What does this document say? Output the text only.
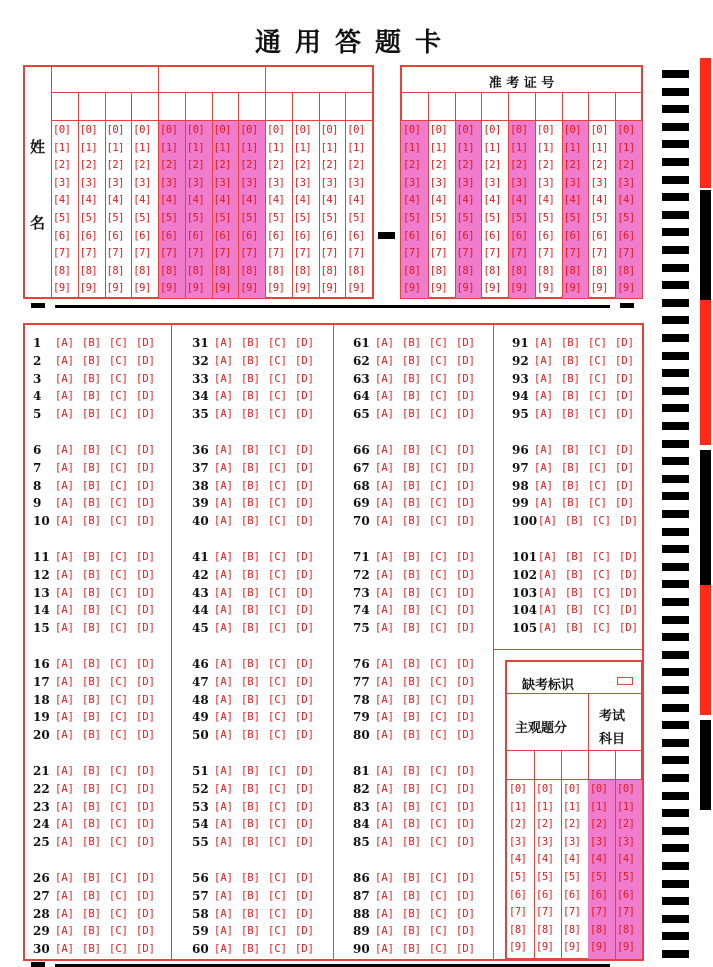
通用答题卡
[0]
[1]
[2]
[3]
[4]
[5]
[6]
[7]
[8]
[9]
[0]
[1]
[2]
[3]
[4]
[5]
[6]
[7]
[8]
[9]
[0]
[1]
[2]
[3]
[4]
[5]
[6]
[7]
[8]
[9]
[0]
[1]
[2]
[3]
[4]
[5]
[6]
[7]
[8]
[9]
[0]
[1]
[2]
[3]
[4]
[5]
[6]
[7]
[8]
[9]
[0]
[1]
[2]
[3]
[4]
[5]
[6]
[7]
[8]
[9]
[0]
[1]
[2]
[3]
[4]
[5]
[6]
[7]
[8]
[9]
[0]
[1]
[2]
[3]
[4]
[5]
[6]
[7]
[8]
[9]
[0]
[1]
[2]
[3]
[4]
[5]
[6]
[7]
[8]
[9]
[0]
[1]
[2]
[3]
[4]
[5]
[6]
[7]
[8]
[9]
[0]
[1]
[2]
[3]
[4]
[5]
[6]
[7]
[8]
[9]
[0]
[1]
[2]
[3]
[4]
[5]
[6]
[7]
[8]
[9]
姓
名
准 考 证 号
[0]
[1]
[2]
[3]
[4]
[5]
[6]
[7]
[8]
[9]
[0]
[1]
[2]
[3]
[4]
[5]
[6]
[7]
[8]
[9]
[0]
[1]
[2]
[3]
[4]
[5]
[6]
[7]
[8]
[9]
[0]
[1]
[2]
[3]
[4]
[5]
[6]
[7]
[8]
[9]
[0]
[1]
[2]
[3]
[4]
[5]
[6]
[7]
[8]
[9]
[0]
[1]
[2]
[3]
[4]
[5]
[6]
[7]
[8]
[9]
[0]
[1]
[2]
[3]
[4]
[5]
[6]
[7]
[8]
[9]
[0]
[1]
[2]
[3]
[4]
[5]
[6]
[7]
[8]
[9]
[0]
[1]
[2]
[3]
[4]
[5]
[6]
[7]
[8]
[9]
1 [A] [B] [C] [D]
2 [A] [B] [C] [D]
3 [A] [B] [C] [D]
4 [A] [B] [C] [D]
5 [A] [B] [C] [D]
6 [A] [B] [C] [D]
7 [A] [B] [C] [D]
8 [A] [B] [C] [D]
9 [A] [B] [C] [D]
10 [A] [B] [C] [D]
11 [A] [B] [C] [D]
12 [A] [B] [C] [D]
13 [A] [B] [C] [D]
14 [A] [B] [C] [D]
15 [A] [B] [C] [D]
16 [A] [B] [C] [D]
17 [A] [B] [C] [D]
18 [A] [B] [C] [D]
19 [A] [B] [C] [D]
20 [A] [B] [C] [D]
21 [A] [B] [C] [D]
22 [A] [B] [C] [D]
23 [A] [B] [C] [D]
24 [A] [B] [C] [D]
25 [A] [B] [C] [D]
26 [A] [B] [C] [D]
27 [A] [B] [C] [D]
28 [A] [B] [C] [D]
29 [A] [B] [C] [D]
30 [A] [B] [C] [D]
31 [A] [B] [C] [D]
32 [A] [B] [C] [D]
33 [A] [B] [C] [D]
34 [A] [B] [C] [D]
35 [A] [B] [C] [D]
36 [A] [B] [C] [D]
37 [A] [B] [C] [D]
38 [A] [B] [C] [D]
39 [A] [B] [C] [D]
40 [A] [B] [C] [D]
41 [A] [B] [C] [D]
42 [A] [B] [C] [D]
43 [A] [B] [C] [D]
44 [A] [B] [C] [D]
45 [A] [B] [C] [D]
46 [A] [B] [C] [D]
47 [A] [B] [C] [D]
48 [A] [B] [C] [D]
49 [A] [B] [C] [D]
50 [A] [B] [C] [D]
51 [A] [B] [C] [D]
52 [A] [B] [C] [D]
53 [A] [B] [C] [D]
54 [A] [B] [C] [D]
55 [A] [B] [C] [D]
56 [A] [B] [C] [D]
57 [A] [B] [C] [D]
58 [A] [B] [C] [D]
59 [A] [B] [C] [D]
60 [A] [B] [C] [D]
61 [A] [B] [C] [D]
62 [A] [B] [C] [D]
63 [A] [B] [C] [D]
64 [A] [B] [C] [D]
65 [A] [B] [C] [D]
66 [A] [B] [C] [D]
67 [A] [B] [C] [D]
68 [A] [B] [C] [D]
69 [A] [B] [C] [D]
70 [A] [B] [C] [D]
71 [A] [B] [C] [D]
72 [A] [B] [C] [D]
73 [A] [B] [C] [D]
74 [A] [B] [C] [D]
75 [A] [B] [C] [D]
76 [A] [B] [C] [D]
77 [A] [B] [C] [D]
78 [A] [B] [C] [D]
79 [A] [B] [C] [D]
80 [A] [B] [C] [D]
81 [A] [B] [C] [D]
82 [A] [B] [C] [D]
83 [A] [B] [C] [D]
84 [A] [B] [C] [D]
85 [A] [B] [C] [D]
86 [A] [B] [C] [D]
87 [A] [B] [C] [D]
88 [A] [B] [C] [D]
89 [A] [B] [C] [D]
90 [A] [B] [C] [D]
91 [A] [B] [C] [D]
92 [A] [B] [C] [D]
93 [A] [B] [C] [D]
94 [A] [B] [C] [D]
95 [A] [B] [C] [D]
96 [A] [B] [C] [D]
97 [A] [B] [C] [D]
98 [A] [B] [C] [D]
99 [A] [B] [C] [D]
100 [A] [B] [C] [D]
101 [A] [B] [C] [D]
102 [A] [B] [C] [D]
103 [A] [B] [C] [D]
104 [A] [B] [C] [D]
105 [A] [B] [C] [D]
缺考标识
主观题分
考试
科目
[0]
[1]
[2]
[3]
[4]
[5]
[6]
[7]
[8]
[9]
[0]
[1]
[2]
[3]
[4]
[5]
[6]
[7]
[8]
[9]
[0]
[1]
[2]
[3]
[4]
[5]
[6]
[7]
[8]
[9]
[0]
[1]
[2]
[3]
[4]
[5]
[6]
[7]
[8]
[9]
[0]
[1]
[2]
[3]
[4]
[5]
[6]
[7]
[8]
[9]
